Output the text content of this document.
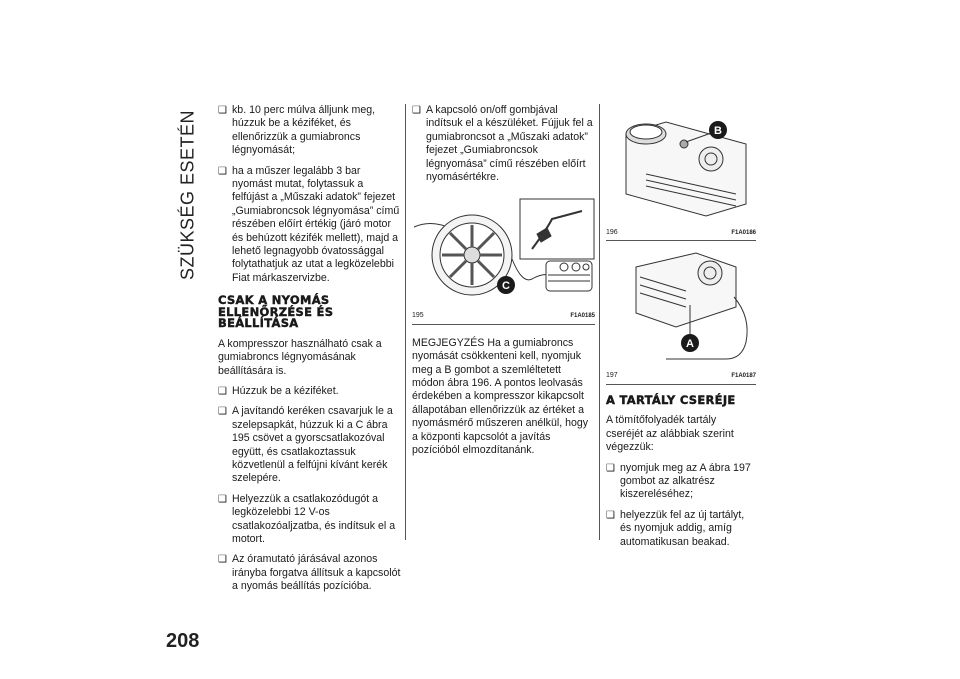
SZÜKSÉG ESETÉN
208
❑ kb. 10 perc múlva álljunk meg, húzzuk be a kéziféket, és ellenőrizzük a gumiabroncs légnyomását;
❑ ha a műszer legalább 3 bar nyomást mutat, folytassuk a felfújást a „Műszaki adatok” fejezet „Gumiabroncsok légnyomása” című részében előírt értékig (járó motor és behúzott kézifék mellett), majd a lehető legnagyobb óvatossággal folytathatjuk az utat a legközelebbi Fiat márkaszervizbe.
CSAK A NYOMÁS ELLENŐRZÉSE ÉS BEÁLLÍTÁSA
A kompresszor használható csak a gumiabroncs légnyomásának beállítására is.
❑ Húzzuk be a kéziféket.
❑ A javítandó keréken csavarjuk le a szelepsapkát, húzzuk ki a C ábra 195 csövet a gyorscsatlakozóval együtt, és csatlakoztassuk közvetlenül a felfújni kívánt kerék szelepére.
❑ Helyezzük a csatlakozódugót a legközelebbi 12 V-os csatlakozóaljzatba, és indítsuk el a motort.
❑ Az óramutató járásával azonos irányba forgatva állítsuk a kapcsolót a nyomás beállítás pozícióba.
❑ A kapcsoló on/off gombjával indítsuk el a készüléket. Fújjuk fel a gumiabroncsot a „Műszaki adatok” fejezet „Gumiabroncsok légnyomása” című részében előírt nyomásértékre.
C
195	F1A0185
MEGJEGYZÉS Ha a gumiabroncs nyomását csökkenteni kell, nyomjuk meg a B gombot a szemléltetett módon ábra 196. A pontos leolvasás érdekében a kompresszor kikapcsolt állapotában ellenőrizzük az értéket a nyomásmérő műszeren anélkül, hogy a központi kapcsolót a javítás pozícióból elmozdítanánk.
B
196	F1A0186
A
197	F1A0187
A TARTÁLY CSERÉJE
A tömítőfolyadék tartály cseréjét az alábbiak szerint végezzük:
❑ nyomjuk meg az A ábra 197 gombot az alkatrész kiszereléséhez;
❑ helyezzük fel az új tartályt, és nyomjuk addig, amíg automatikusan beakad.
